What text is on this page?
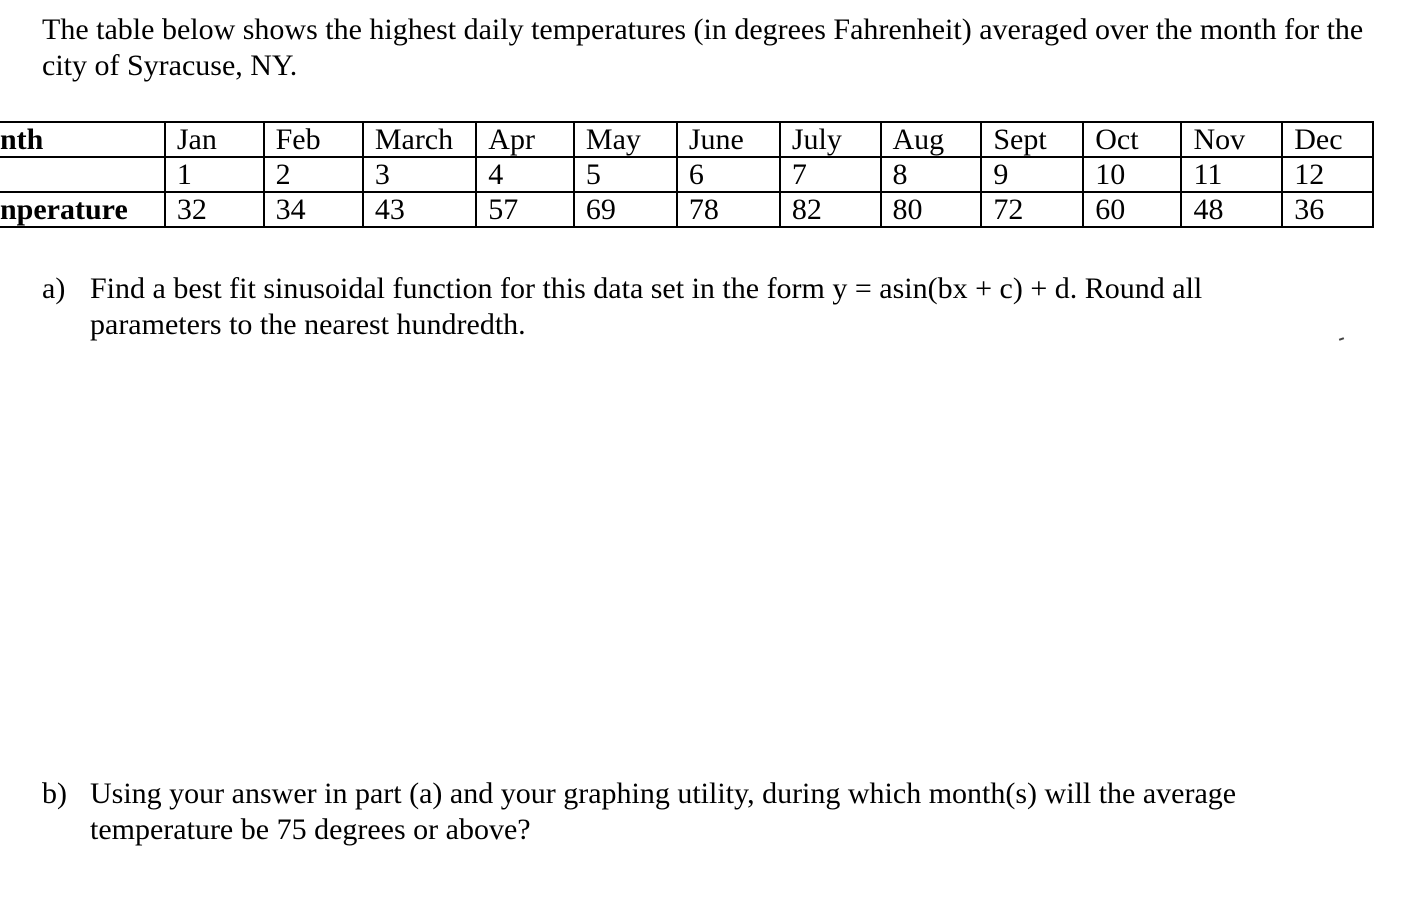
The table below shows the highest daily temperatures (in degrees Fahrenheit) averaged over the month for the city of Syracuse, NY.

nth	Jan	Feb	March	Apr	May	June	July	Aug	Sept	Oct	Nov	Dec
	1	2	3	4	5	6	7	8	9	10	11	12
nperature	32	34	43	57	69	78	82	80	72	60	48	36
a) Find a best fit sinusoidal function for this data set in the form y = asin(bx + c) + d. Round all parameters to the nearest hundredth.
b) Using your answer in part (a) and your graphing utility, during which month(s) will the average temperature be 75 degrees or above?
